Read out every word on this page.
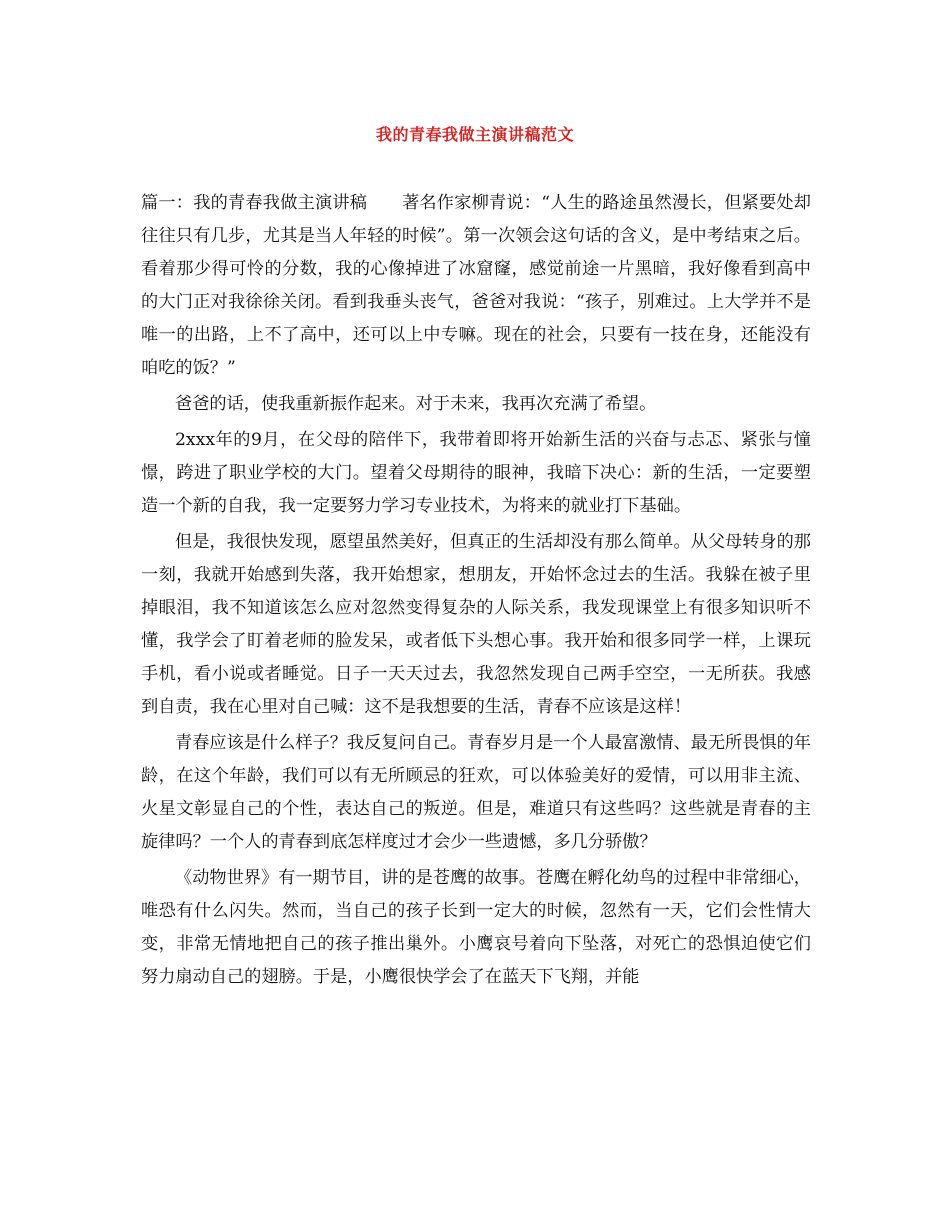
我的青春我做主演讲稿范文

篇一：我的青春我做主演讲稿　　著名作家柳青说：“人生的路途虽然漫长，但紧要处却往往只有几步，尤其是当人年轻的时候”。第一次领会这句话的含义，是中考结束之后。看着那少得可怜的分数，我的心像掉进了冰窟窿，感觉前途一片黑暗，我好像看到高中的大门正对我徐徐关闭。看到我垂头丧气，爸爸对我说：“孩子，别难过。上大学并不是唯一的出路，上不了高中，还可以上中专嘛。现在的社会，只要有一技在身，还能没有咱吃的饭？”

爸爸的话，使我重新振作起来。对于未来，我再次充满了希望。

2xxx年的9月，在父母的陪伴下，我带着即将开始新生活的兴奋与忐忑、紧张与憧憬，跨进了职业学校的大门。望着父母期待的眼神，我暗下决心：新的生活，一定要塑造一个新的自我，我一定要努力学习专业技术，为将来的就业打下基础。

但是，我很快发现，愿望虽然美好，但真正的生活却没有那么简单。从父母转身的那一刻，我就开始感到失落，我开始想家，想朋友，开始怀念过去的生活。我躲在被子里掉眼泪，我不知道该怎么应对忽然变得复杂的人际关系，我发现课堂上有很多知识听不懂，我学会了盯着老师的脸发呆，或者低下头想心事。我开始和很多同学一样，上课玩手机，看小说或者睡觉。日子一天天过去，我忽然发现自己两手空空，一无所获。我感到自责，我在心里对自己喊：这不是我想要的生活，青春不应该是这样！

青春应该是什么样子？我反复问自己。青春岁月是一个人最富激情、最无所畏惧的年龄，在这个年龄，我们可以有无所顾忌的狂欢，可以体验美好的爱情，可以用非主流、火星文彰显自己的个性，表达自己的叛逆。但是，难道只有这些吗？这些就是青春的主旋律吗？一个人的青春到底怎样度过才会少一些遗憾，多几分骄傲？

《动物世界》有一期节目，讲的是苍鹰的故事。苍鹰在孵化幼鸟的过程中非常细心，唯恐有什么闪失。然而，当自己的孩子长到一定大的时候，忽然有一天，它们会性情大变，非常无情地把自己的孩子推出巢外。小鹰哀号着向下坠落，对死亡的恐惧迫使它们努力扇动自己的翅膀。于是，小鹰很快学会了在蓝天下飞翔，并能
